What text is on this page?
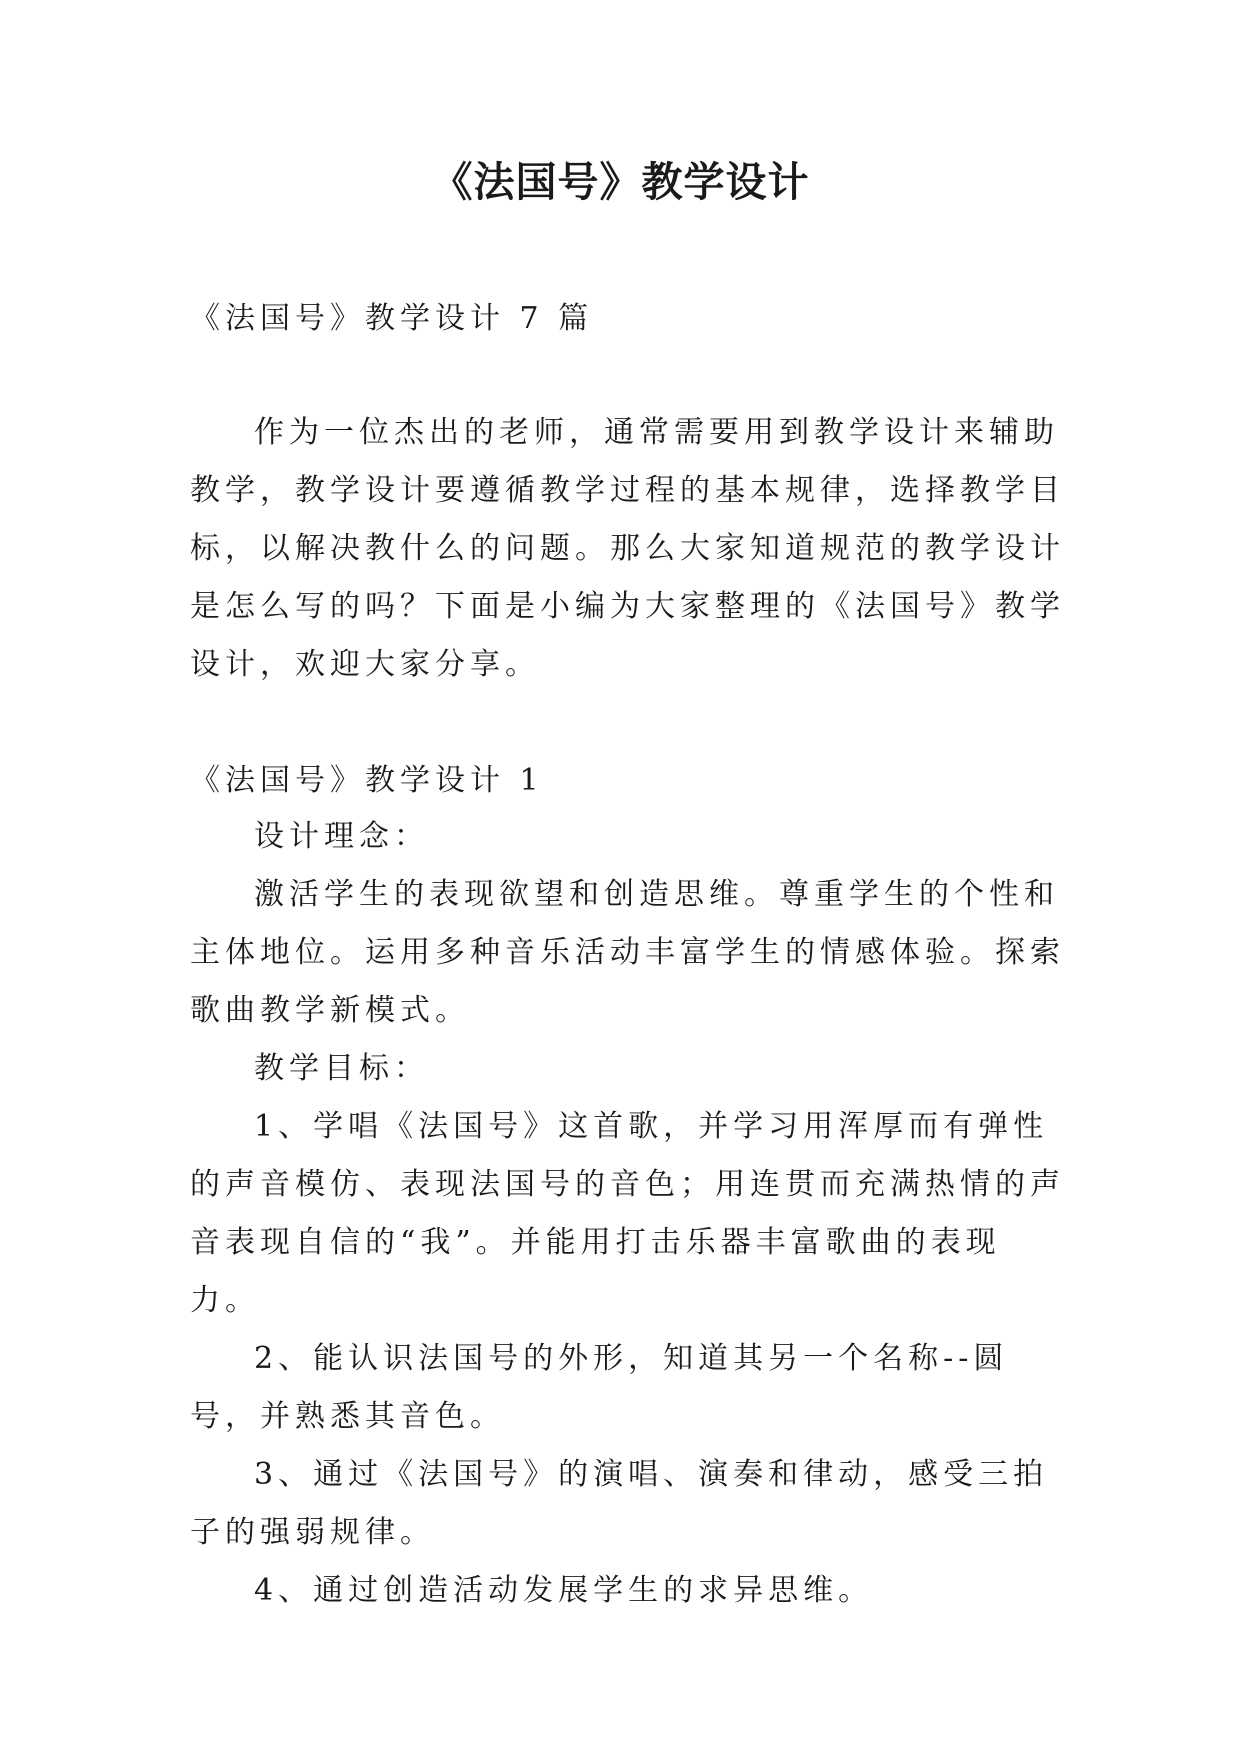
《法国号》教学设计

《法国号》教学设计 7 篇

作为一位杰出的老师，通常需要用到教学设计来辅助教学，教学设计要遵循教学过程的基本规律，选择教学目标，以解决教什么的问题。那么大家知道规范的教学设计是怎么写的吗？下面是小编为大家整理的《法国号》教学设计，欢迎大家分享。

《法国号》教学设计 1

设计理念：

激活学生的表现欲望和创造思维。尊重学生的个性和主体地位。运用多种音乐活动丰富学生的情感体验。探索歌曲教学新模式。

教学目标：

1、学唱《法国号》这首歌，并学习用浑厚而有弹性的声音模仿、表现法国号的音色；用连贯而充满热情的声音表现自信的“我”。并能用打击乐器丰富歌曲的表现力。

2、能认识法国号的外形，知道其另一个名称--圆号，并熟悉其音色。

3、通过《法国号》的演唱、演奏和律动，感受三拍子的强弱规律。

4、通过创造活动发展学生的求异思维。
